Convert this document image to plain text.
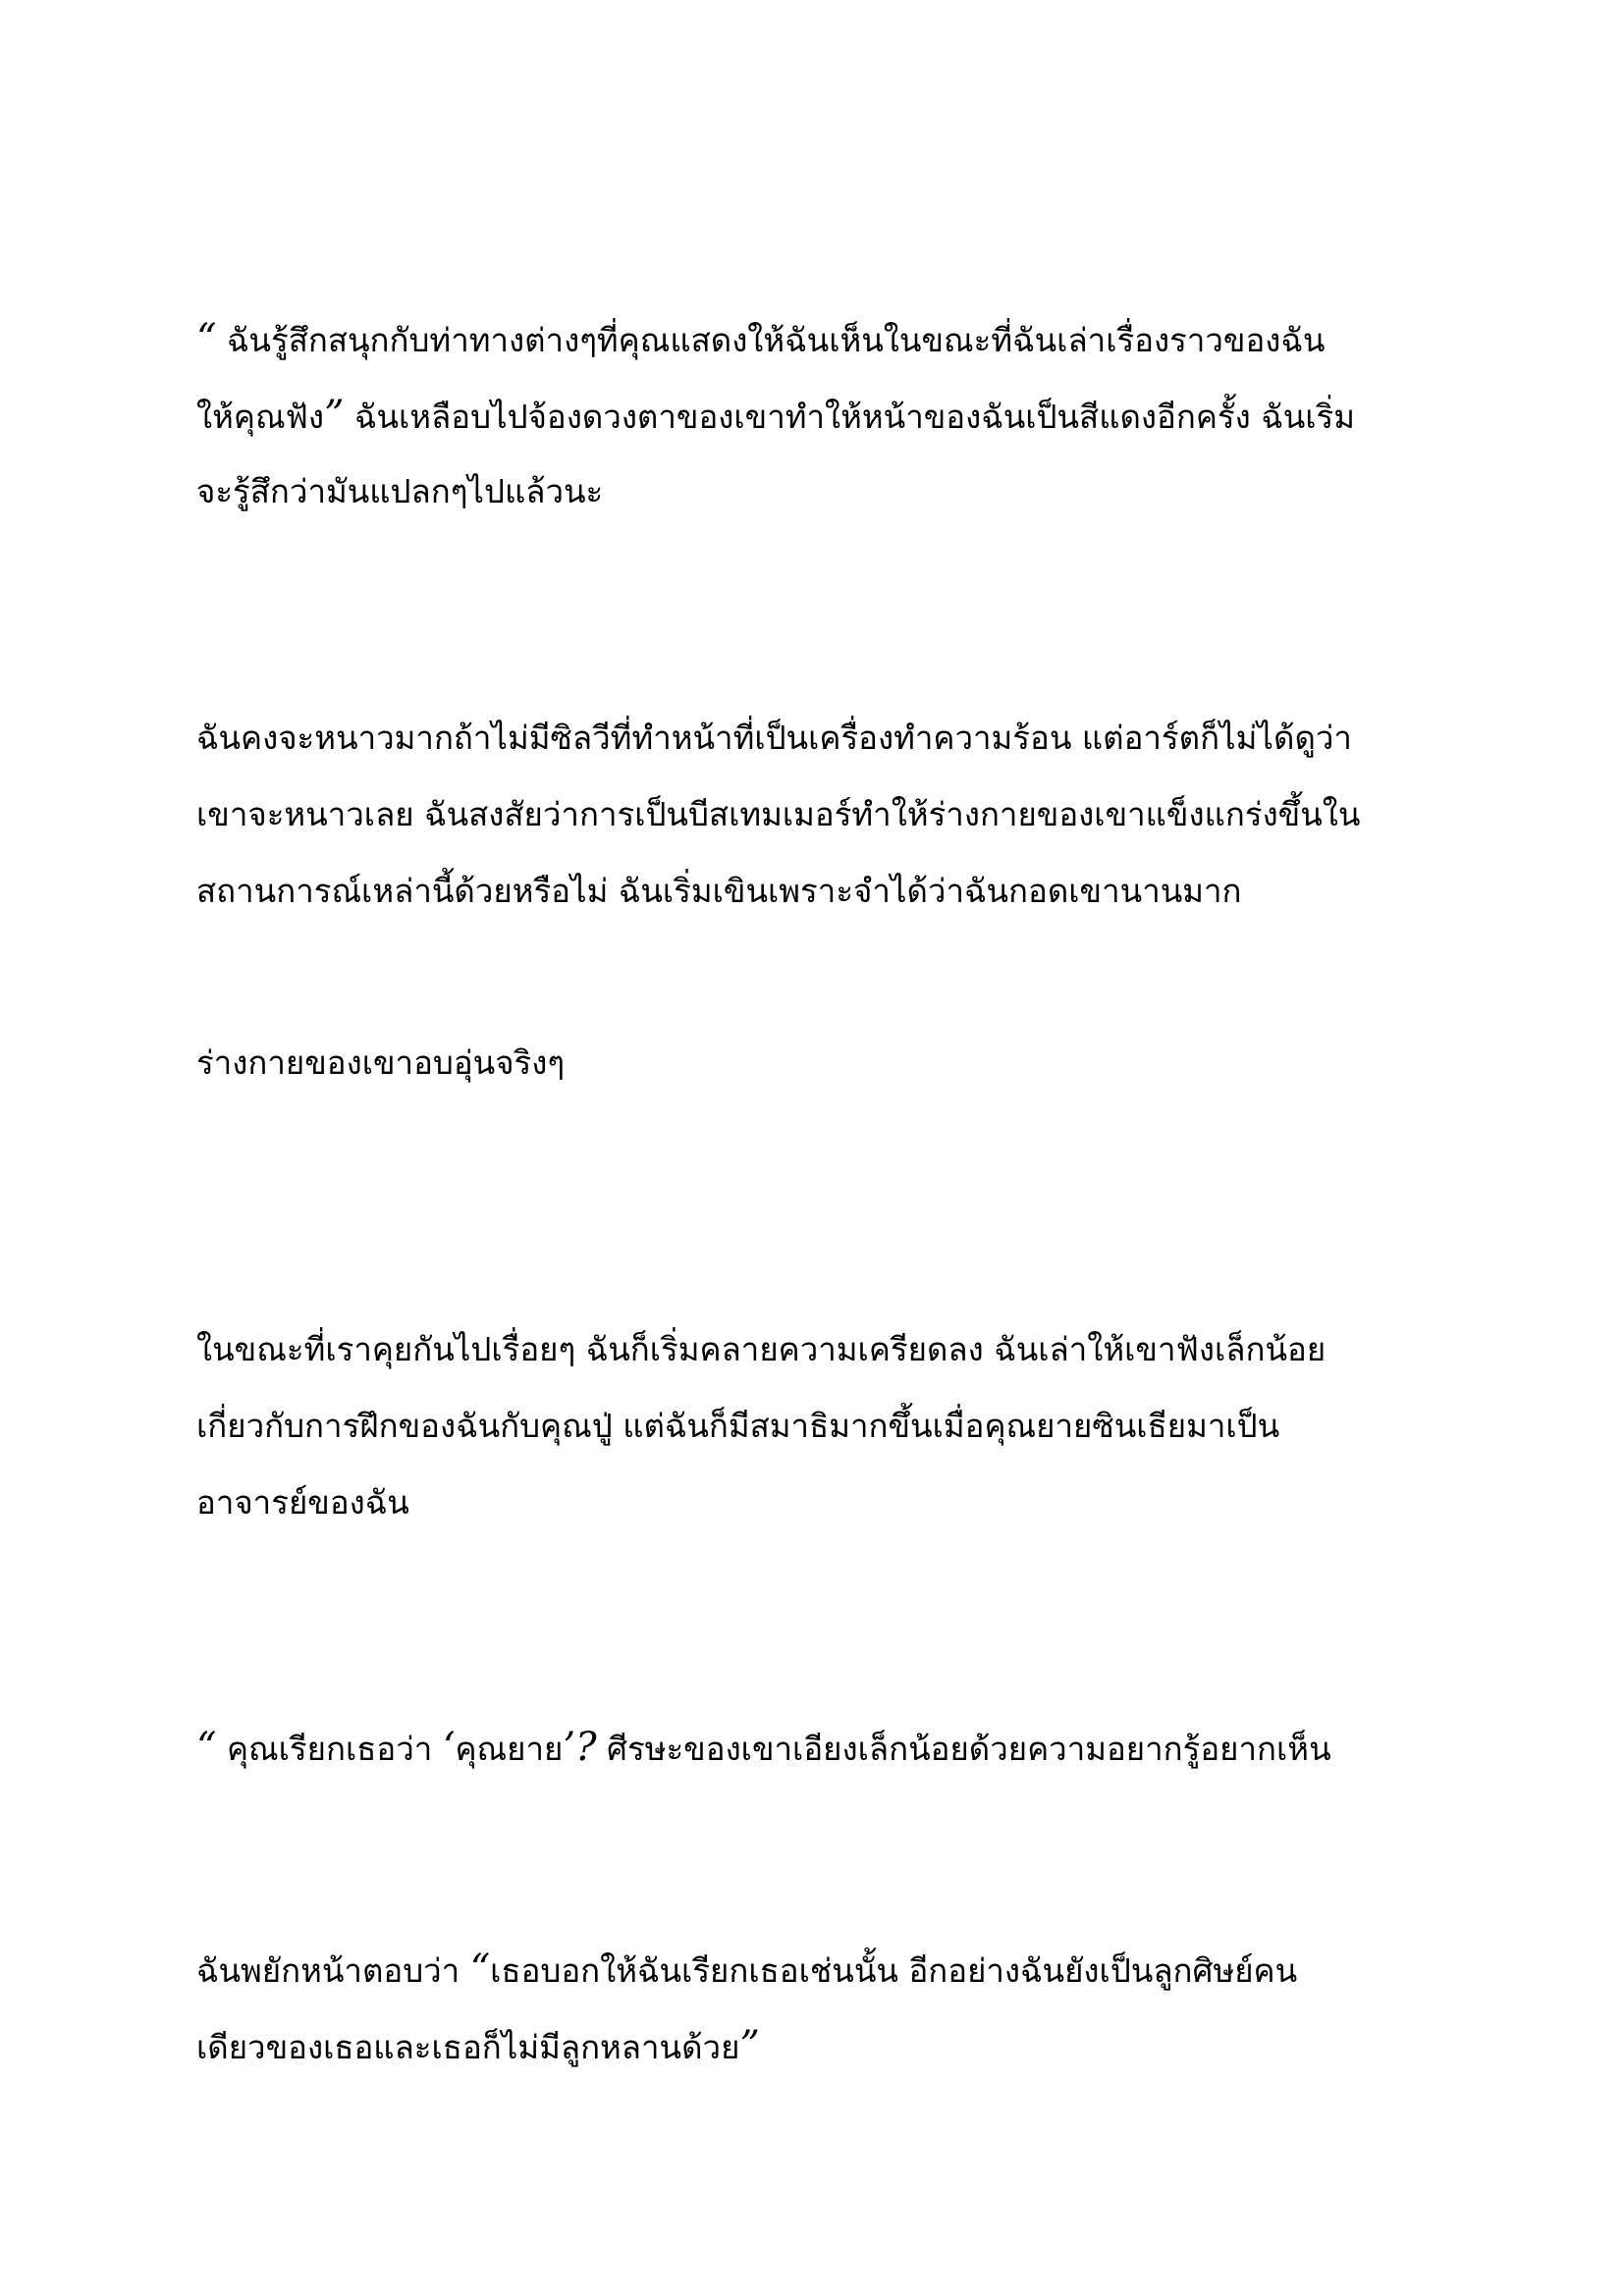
“ ฉันรู้สึกสนุกกับท่าทางต่างๆที่คุณแสดงให้ฉันเห็นในขณะที่ฉันเล่าเรื่องราวของฉัน
ให้คุณฟัง” ฉันเหลือบไปจ้องดวงตาของเขาทำให้หน้าของฉันเป็นสีแดงอีกครั้ง ฉันเริ่ม
จะรู้สึกว่ามันแปลกๆไปแล้วนะ
ฉันคงจะหนาวมากถ้าไม่มีซิลวีที่ทำหน้าที่เป็นเครื่องทำความร้อน แต่อาร์ตก็ไม่ได้ดูว่า
เขาจะหนาวเลย ฉันสงสัยว่าการเป็นบีสเทมเมอร์ทำให้ร่างกายของเขาแข็งแกร่งขึ้นใน
สถานการณ์เหล่านี้ด้วยหรือไม่ ฉันเริ่มเขินเพราะจำได้ว่าฉันกอดเขานานมาก
ร่างกายของเขาอบอุ่นจริงๆ
ในขณะที่เราคุยกันไปเรื่อยๆ ฉันก็เริ่มคลายความเครียดลง ฉันเล่าให้เขาฟังเล็กน้อย
เกี่ยวกับการฝึกของฉันกับคุณปู่ แต่ฉันก็มีสมาธิมากขึ้นเมื่อคุณยายซินเธียมาเป็น
อาจารย์ของฉัน
“ คุณเรียกเธอว่า ‘คุณยาย’? ศีรษะของเขาเอียงเล็กน้อยด้วยความอยากรู้อยากเห็น
ฉันพยักหน้าตอบว่า “เธอบอกให้ฉันเรียกเธอเช่นนั้น อีกอย่างฉันยังเป็นลูกศิษย์คน
เดียวของเธอและเธอก็ไม่มีลูกหลานด้วย”
